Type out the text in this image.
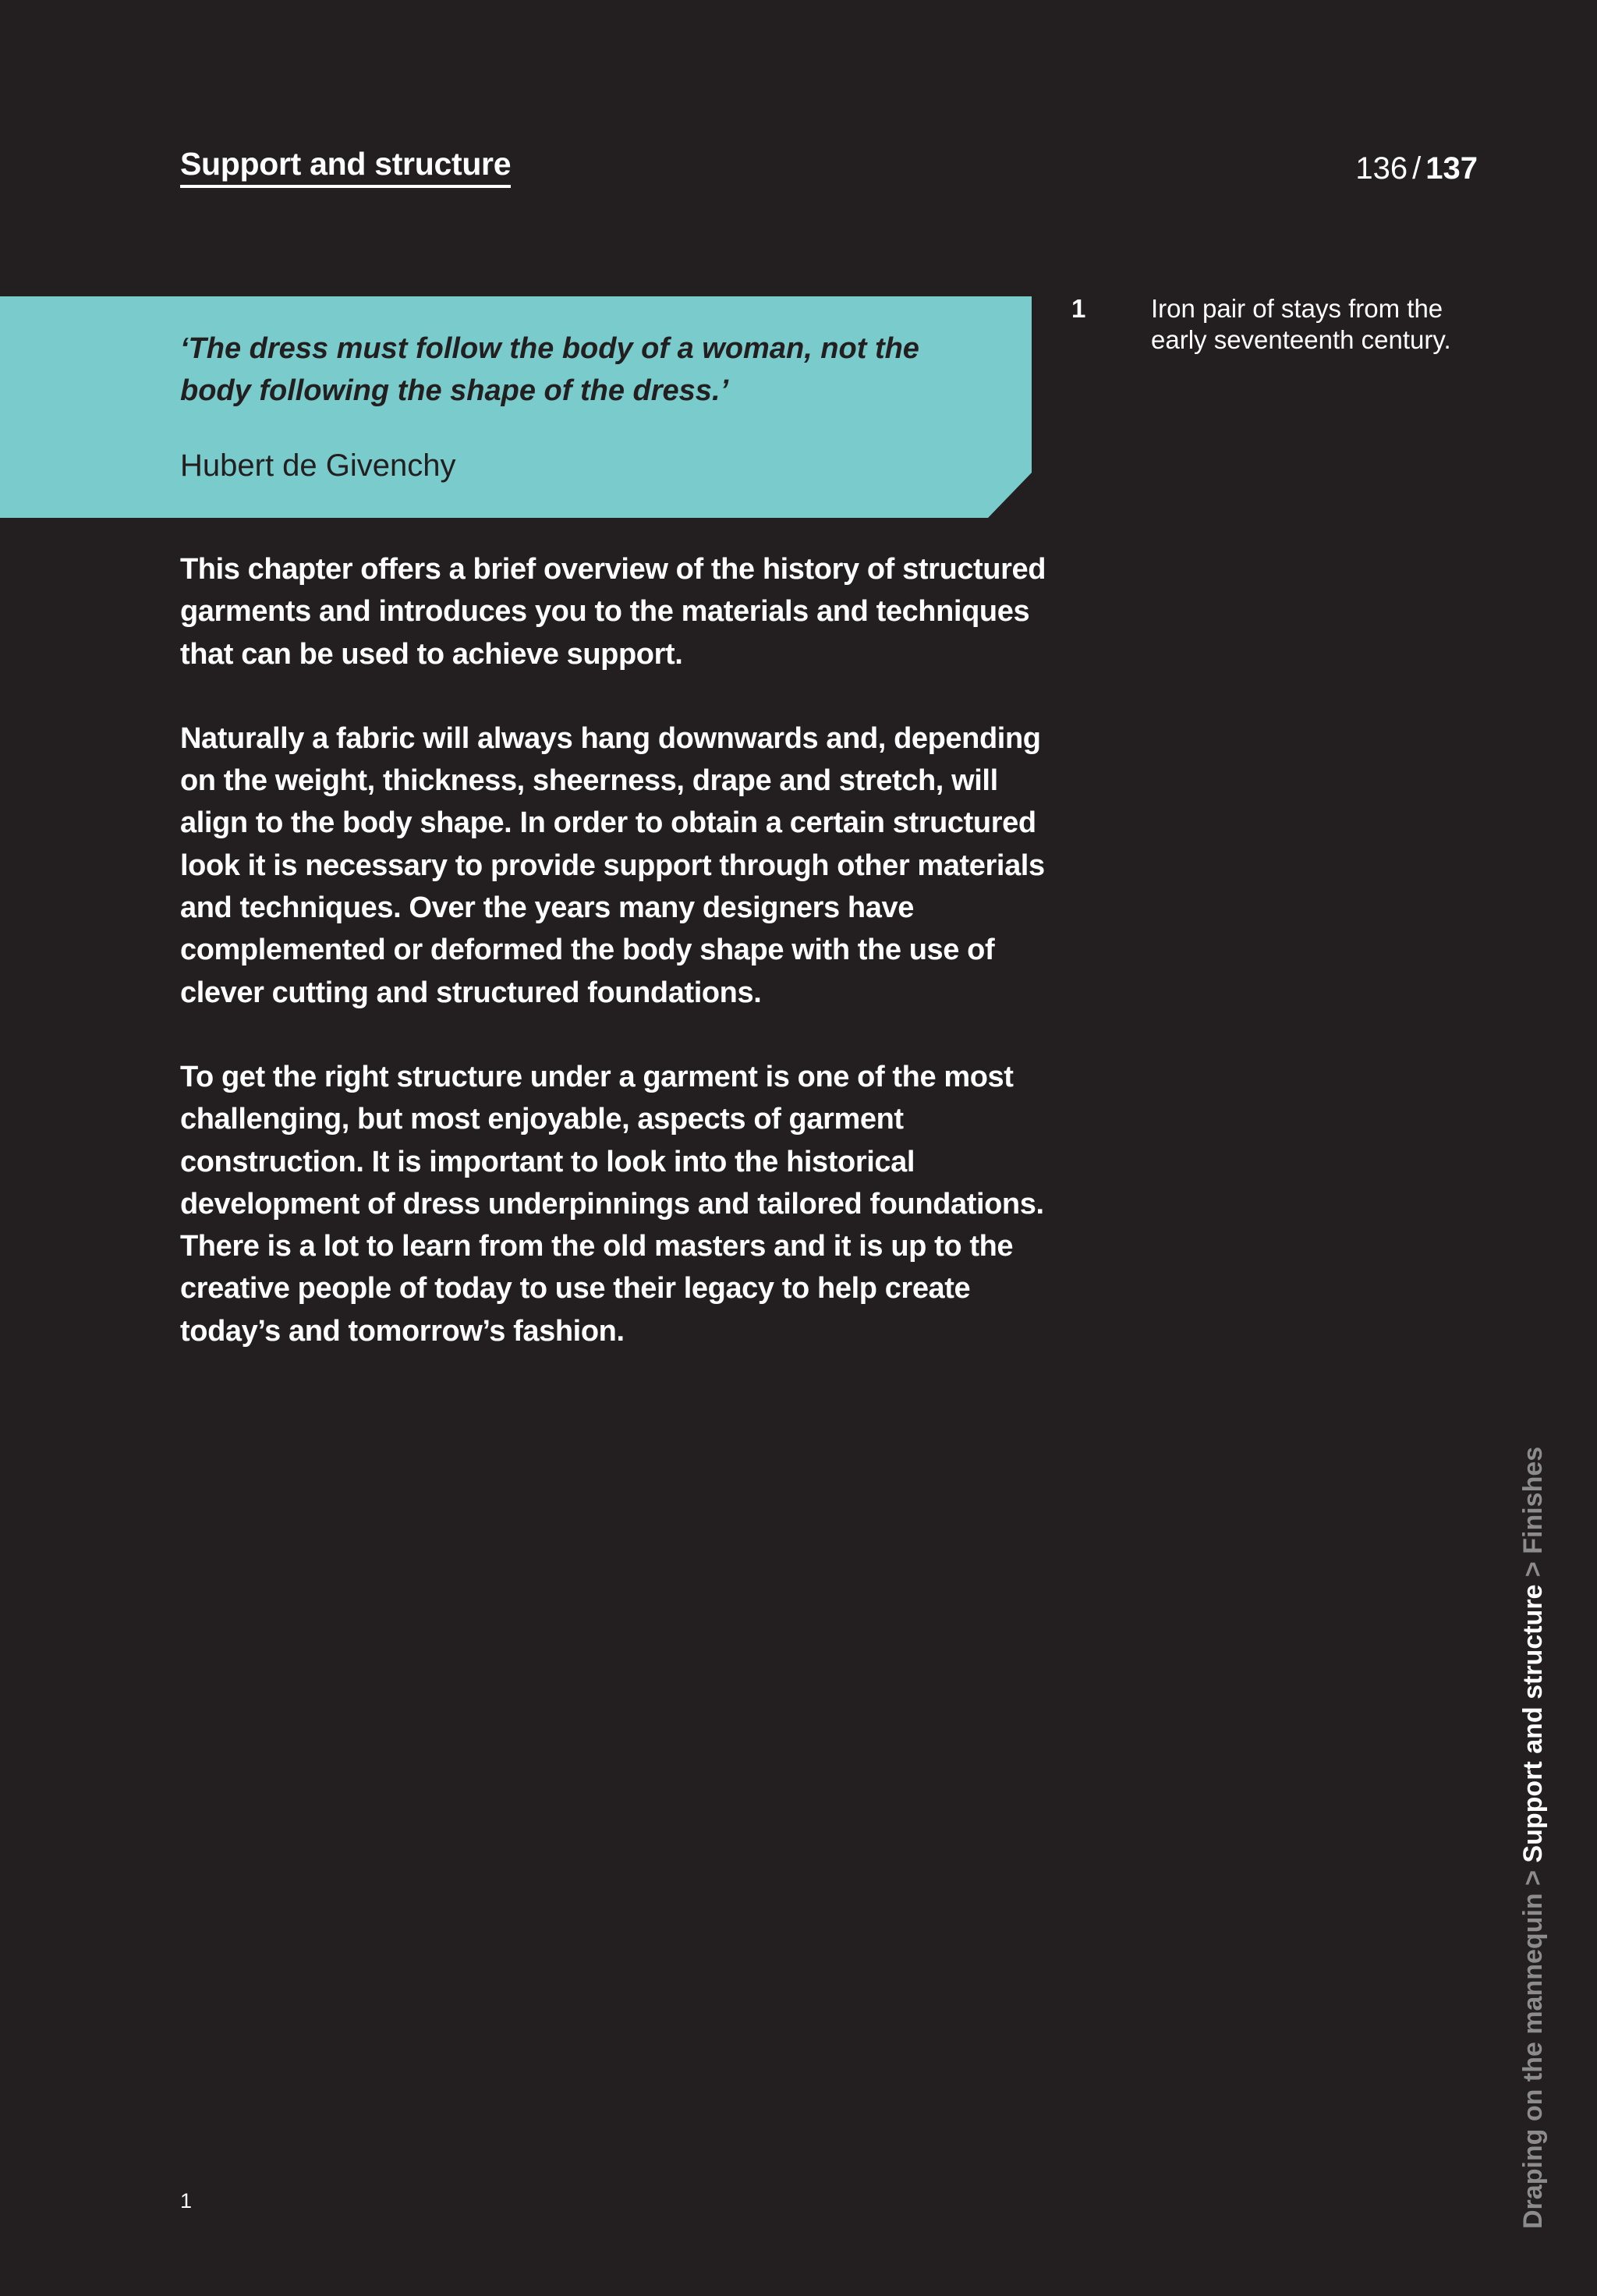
Support and structure	136 / 137

‘The dress must follow the body of a woman, not the body following the shape of the dress.’

Hubert de Givenchy

This chapter offers a brief overview of the history of structured garments and introduces you to the materials and techniques that can be used to achieve support.

Naturally a fabric will always hang downwards and, depending on the weight, thickness, sheerness, drape and stretch, will align to the body shape. In order to obtain a certain structured look it is necessary to provide support through other materials and techniques. Over the years many designers have complemented or deformed the body shape with the use of clever cutting and structured foundations.

To get the right structure under a garment is one of the most challenging, but most enjoyable, aspects of garment construction. It is important to look into the historical development of dress underpinnings and tailored foundations. There is a lot to learn from the old masters and it is up to the creative people of today to use their legacy to help create today’s and tomorrow’s fashion.

1	Iron pair of stays from the early seventeenth century.
1	Draping on the mannequin > Support and structure > Finishes
